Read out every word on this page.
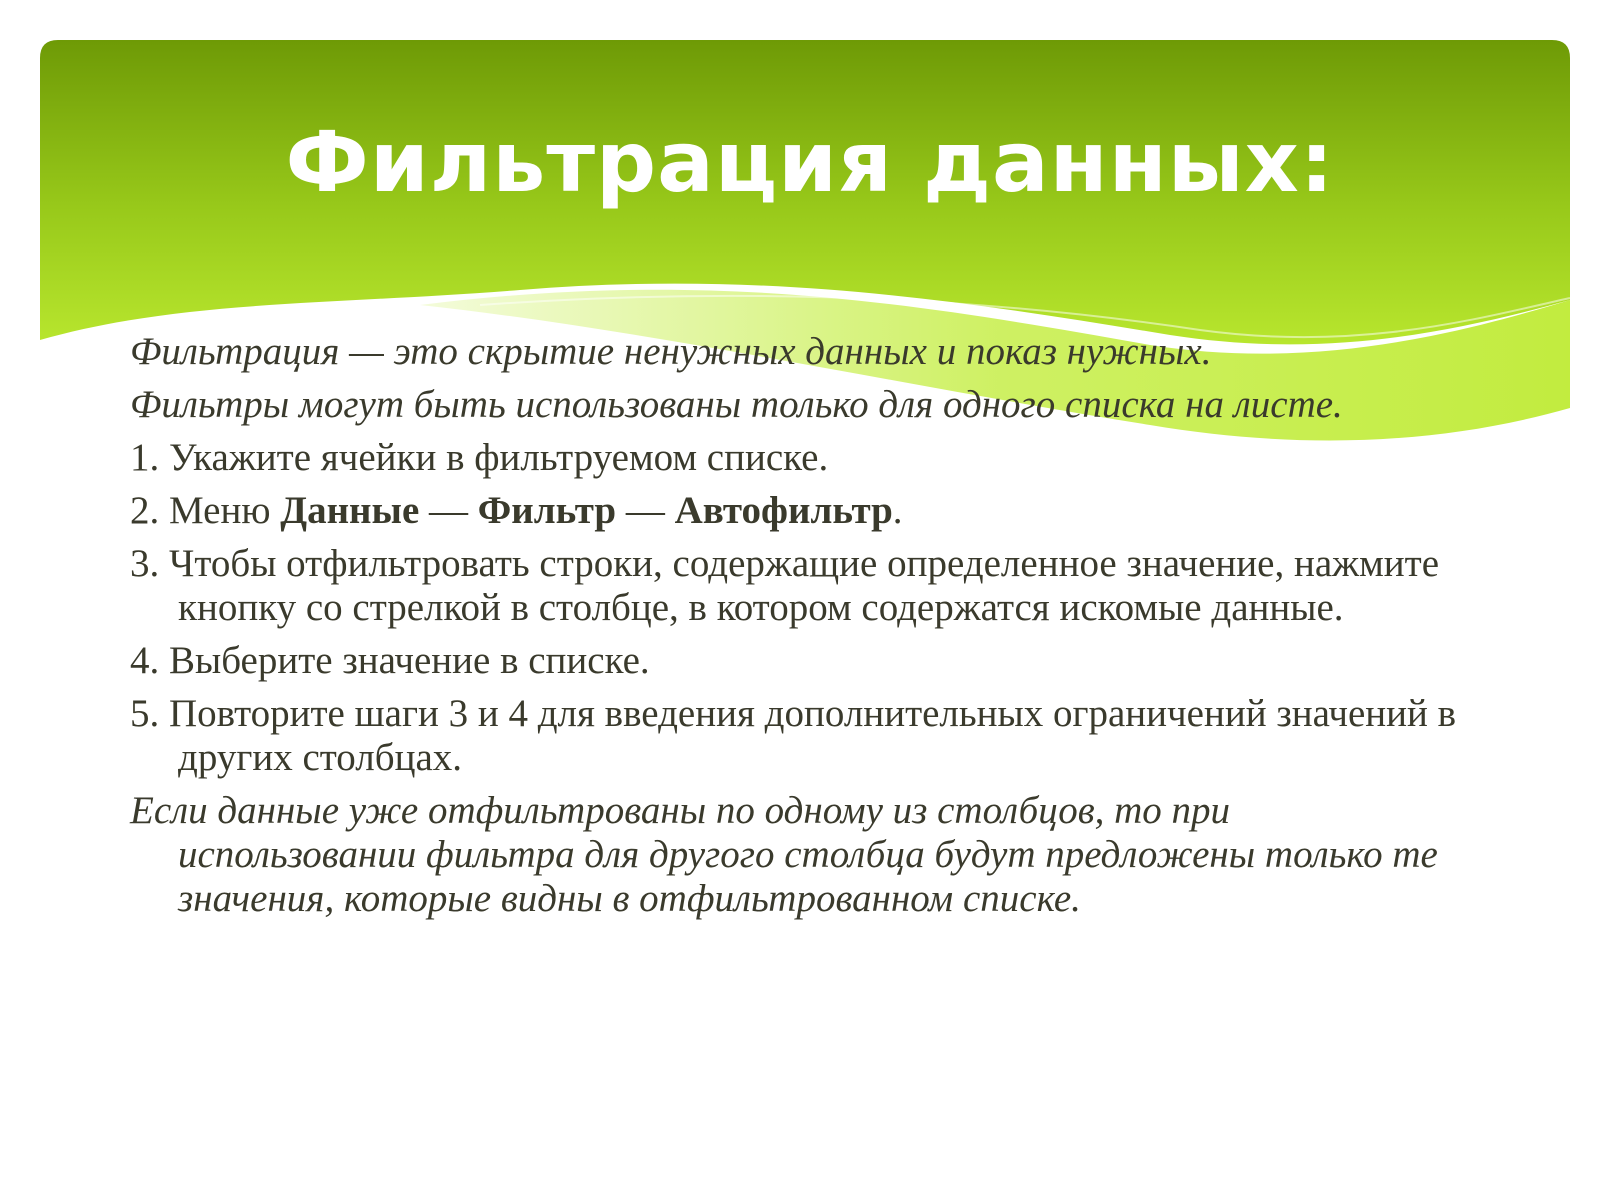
Фильтрация данных:

Фильтрация — это скрытие ненужных данных и показ нужных.

Фильтры могут быть использованы только для одного списка на листе.

1. Укажите ячейки в фильтруемом списке.

2. Меню Данные — Фильтр — Автофильтр.

3. Чтобы отфильтровать строки, содержащие определенное значение, нажмите кнопку со стрелкой в столбце, в котором содержатся искомые данные.

4. Выберите значение в списке.

5. Повторите шаги 3 и 4 для введения дополнительных ограничений значений в других столбцах.

Если данные уже отфильтрованы по одному из столбцов, то при использовании фильтра для другого столбца будут предложены только те значения, которые видны в отфильтрованном списке.
